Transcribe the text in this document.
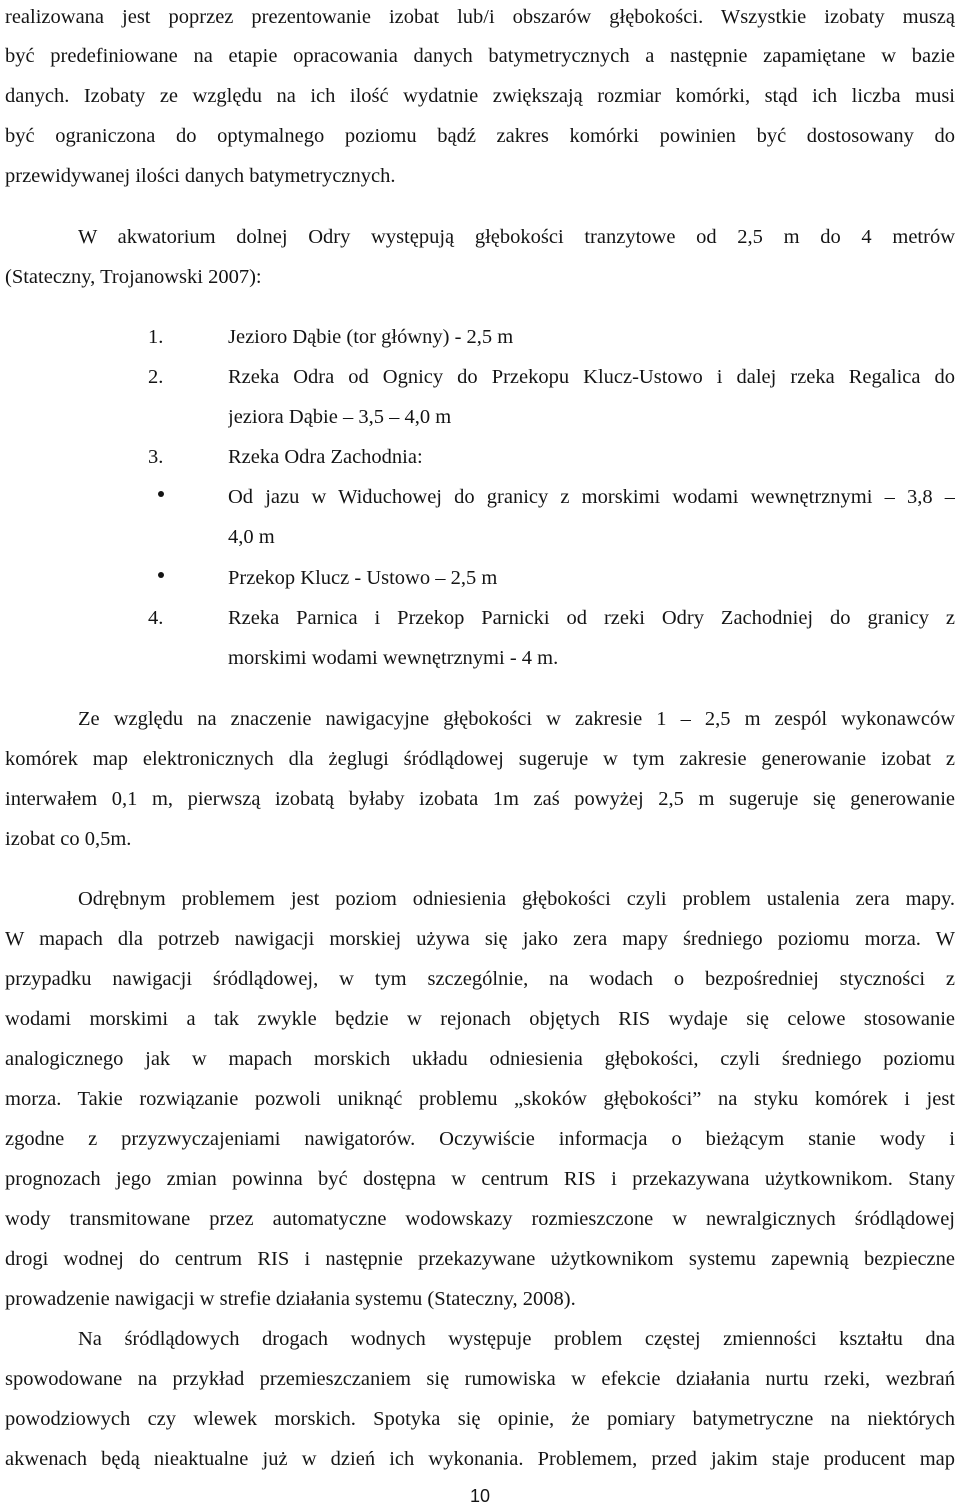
realizowana jest poprzez prezentowanie izobat lub/i obszarów głębokości. Wszystkie izobaty muszą
być predefiniowane na etapie opracowania danych batymetrycznych a następnie zapamiętane w bazie
danych. Izobaty ze względu na ich ilość wydatnie zwiększają rozmiar komórki, stąd ich liczba musi
być ograniczona do optymalnego poziomu bądź zakres komórki powinien być dostosowany do
przewidywanej ilości danych batymetrycznych.
W akwatorium dolnej Odry występują głębokości tranzytowe od 2,5 m do 4 metrów
(Stateczny, Trojanowski 2007):
1.	Jezioro Dąbie (tor główny) - 2,5 m
2.	Rzeka Odra od Ognicy do Przekopu Klucz-Ustowo i dalej rzeka Regalica do
jeziora Dąbie – 3,5 – 4,0 m
3.	Rzeka Odra Zachodnia:
Od jazu w Widuchowej do granicy z morskimi wodami wewnętrznymi – 3,8 –
4,0 m
Przekop Klucz - Ustowo – 2,5 m
4.	Rzeka Parnica i Przekop Parnicki od rzeki Odry Zachodniej do granicy z
morskimi wodami wewnętrznymi - 4 m.
Ze względu na znaczenie nawigacyjne głębokości w zakresie 1 – 2,5 m zespól wykonawców
komórek map elektronicznych dla żeglugi śródlądowej sugeruje w tym zakresie generowanie izobat z
interwałem 0,1 m, pierwszą izobatą byłaby izobata 1m zaś powyżej 2,5 m sugeruje się generowanie
izobat co 0,5m.
Odrębnym problemem jest poziom odniesienia głębokości czyli problem ustalenia zera mapy.
W mapach dla potrzeb nawigacji morskiej używa się jako zera mapy średniego poziomu morza. W
przypadku nawigacji śródlądowej, w tym szczególnie, na wodach o bezpośredniej styczności z
wodami morskimi a tak zwykle będzie w rejonach objętych RIS wydaje się celowe stosowanie
analogicznego jak w mapach morskich układu odniesienia głębokości, czyli średniego poziomu
morza. Takie rozwiązanie pozwoli uniknąć problemu „skoków głębokości” na styku komórek i jest
zgodne z przyzwyczajeniami nawigatorów. Oczywiście informacja o bieżącym stanie wody i
prognozach jego zmian powinna być dostępna w centrum RIS i przekazywana użytkownikom. Stany
wody transmitowane przez automatyczne wodowskazy rozmieszczone w newralgicznych śródlądowej
drogi wodnej do centrum RIS i następnie przekazywane użytkownikom systemu zapewnią bezpieczne
prowadzenie nawigacji w strefie działania systemu (Stateczny, 2008).
Na śródlądowych drogach wodnych występuje problem częstej zmienności kształtu dna
spowodowane na przykład przemieszczaniem się rumowiska w efekcie działania nurtu rzeki, wezbrań
powodziowych czy wlewek morskich. Spotyka się opinie, że pomiary batymetryczne na niektórych
akwenach będą nieaktualne już w dzień ich wykonania. Problemem, przed jakim staje producent map
10
